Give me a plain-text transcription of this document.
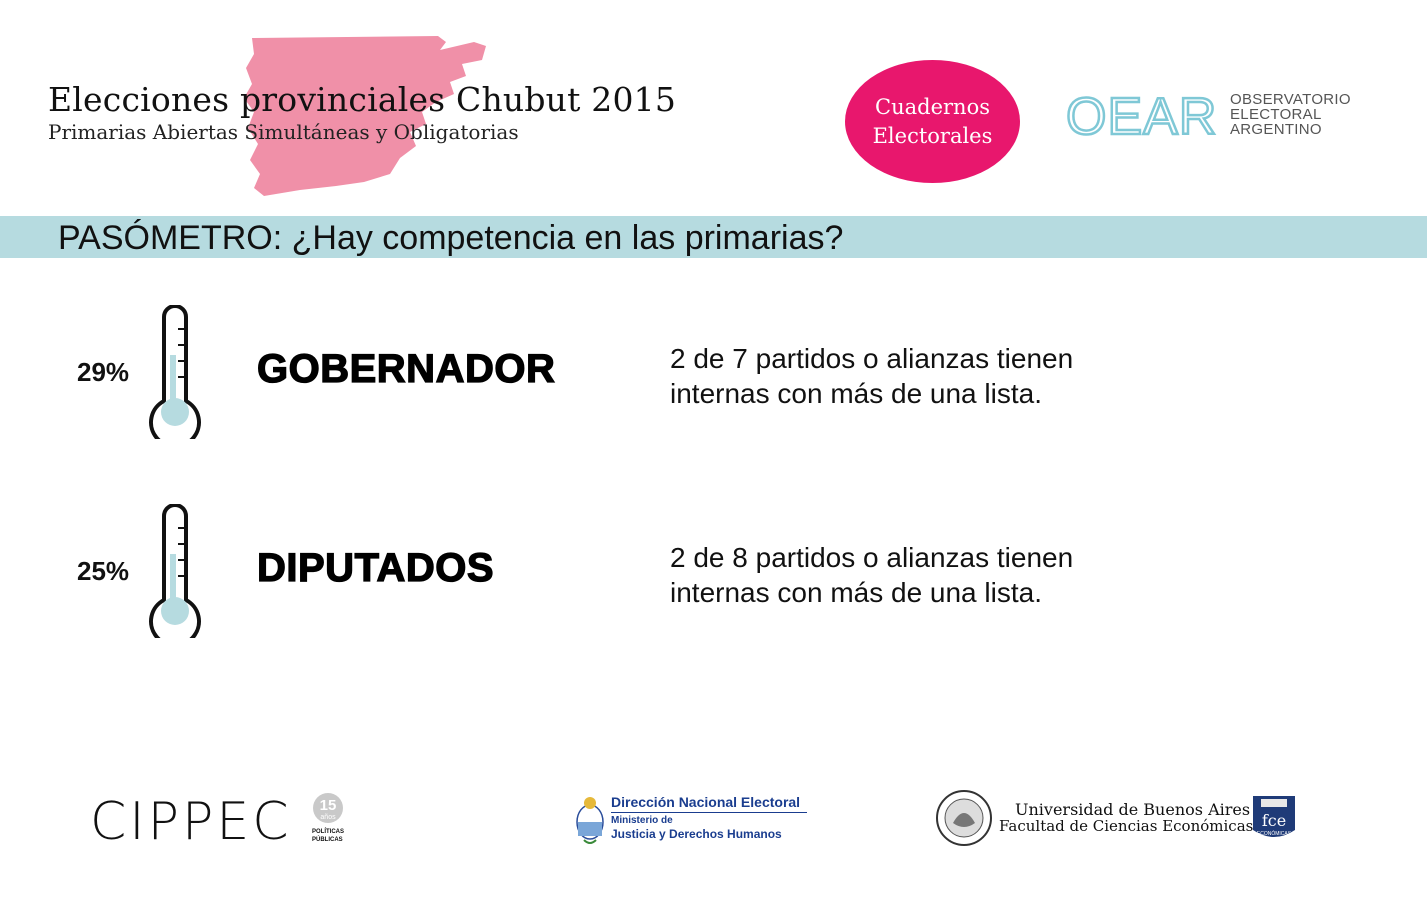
Elecciones provinciales Chubut 2015
Primarias Abiertas Simultáneas y Obligatorias
Cuadernos
Electorales OEAR OBSERVATORIO
ELECTORAL
ARGENTINO
PASÓMETRO: ¿Hay competencia en las primarias?
29%	GOBERNADOR	2 de 7 partidos o alianzas tienen
internas con más de una lista.
25%	DIPUTADOS	2 de 8 partidos o alianzas tienen
internas con más de una lista.
CIPPEC 15
años
POLÍTICAS
PÚBLICAS
Dirección Nacional Electoral
Ministerio de
Justicia y Derechos Humanos
Universidad de Buenos Aires
Facultad de Ciencias Económicas fce
ECONÓMICAS
